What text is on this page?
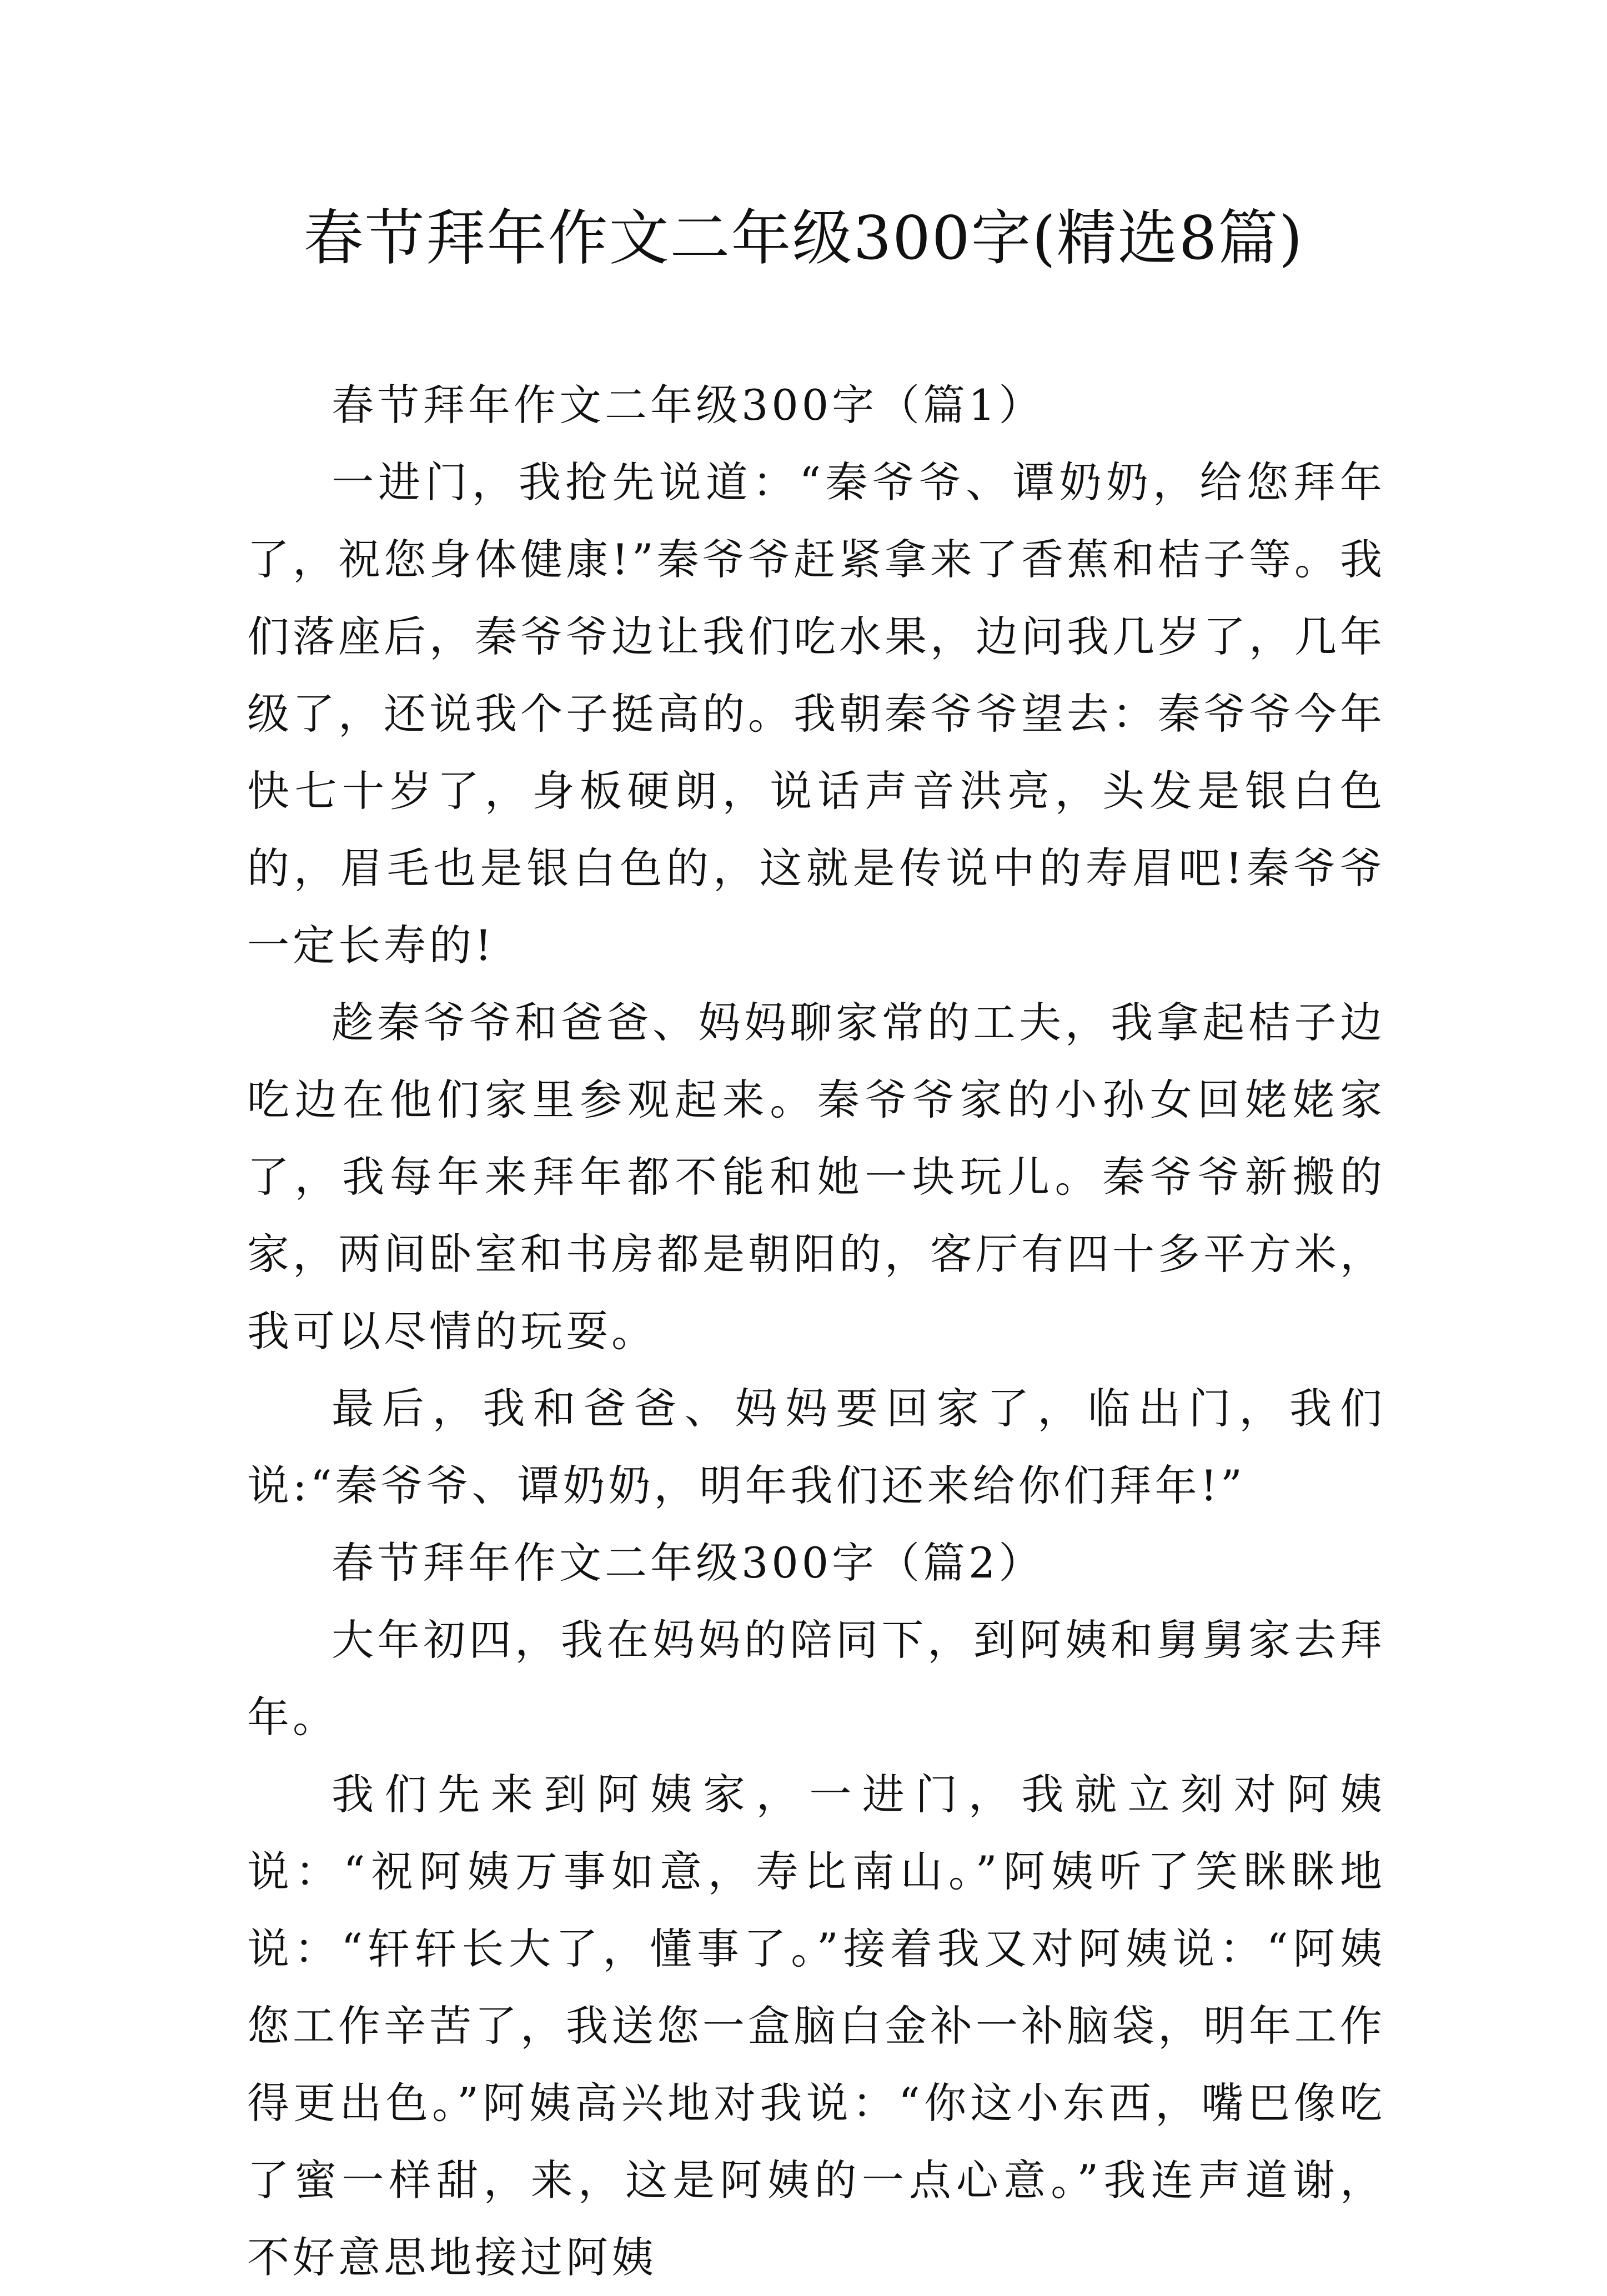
春节拜年作文二年级300字(精选8篇)

春节拜年作文二年级300字（篇1）

一进门，我抢先说道：“秦爷爷、谭奶奶，给您拜年了，祝您身体健康!”秦爷爷赶紧拿来了香蕉和桔子等。我们落座后，秦爷爷边让我们吃水果，边问我几岁了，几年级了，还说我个子挺高的。我朝秦爷爷望去：秦爷爷今年快七十岁了，身板硬朗，说话声音洪亮，头发是银白色的，眉毛也是银白色的，这就是传说中的寿眉吧!秦爷爷一定长寿的!

趁秦爷爷和爸爸、妈妈聊家常的工夫，我拿起桔子边吃边在他们家里参观起来。秦爷爷家的小孙女回姥姥家了，我每年来拜年都不能和她一块玩儿。秦爷爷新搬的家，两间卧室和书房都是朝阳的，客厅有四十多平方米，我可以尽情的玩耍。

最后，我和爸爸、妈妈要回家了，临出门，我们说:“秦爷爷、谭奶奶，明年我们还来给你们拜年!”

春节拜年作文二年级300字（篇2）

大年初四，我在妈妈的陪同下，到阿姨和舅舅家去拜年。

我们先来到阿姨家，一进门，我就立刻对阿姨说：“祝阿姨万事如意，寿比南山。”阿姨听了笑眯眯地说：“轩轩长大了，懂事了。”接着我又对阿姨说：“阿姨您工作辛苦了，我送您一盒脑白金补一补脑袋，明年工作得更出色。”阿姨高兴地对我说：“你这小东西，嘴巴像吃了蜜一样甜，来，这是阿姨的一点心意。”我连声道谢，不好意思地接过阿姨
